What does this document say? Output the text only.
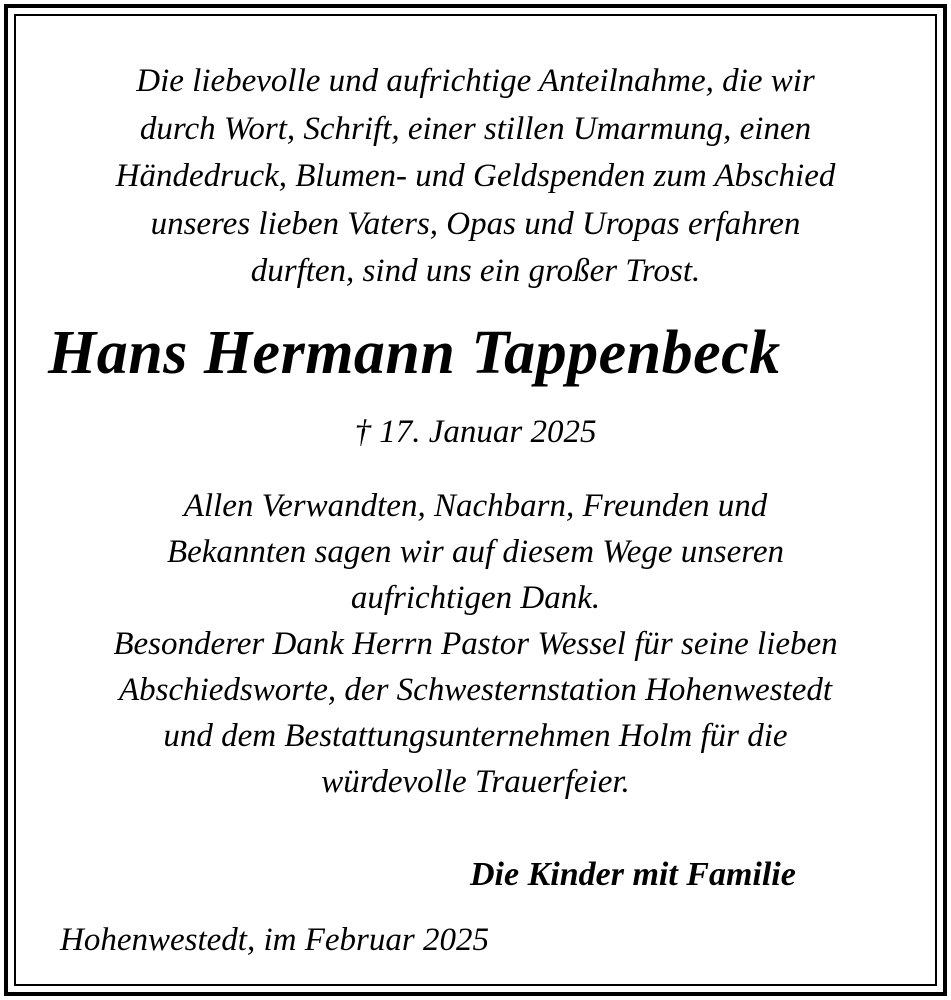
Die liebevolle und aufrichtige Anteilnahme, die wir
durch Wort, Schrift, einer stillen Umarmung, einen
Händedruck, Blumen- und Geldspenden zum Abschied
unseres lieben Vaters, Opas und Uropas erfahren
durften, sind uns ein großer Trost.
Hans Hermann Tappenbeck
† 17. Januar 2025
Allen Verwandten, Nachbarn, Freunden und
Bekannten sagen wir auf diesem Wege unseren
aufrichtigen Dank.
Besonderer Dank Herrn Pastor Wessel für seine lieben
Abschiedsworte, der Schwesternstation Hohenwestedt
und dem Bestattungsunternehmen Holm für die
würdevolle Trauerfeier.
Die Kinder mit Familie
Hohenwestedt, im Februar 2025
